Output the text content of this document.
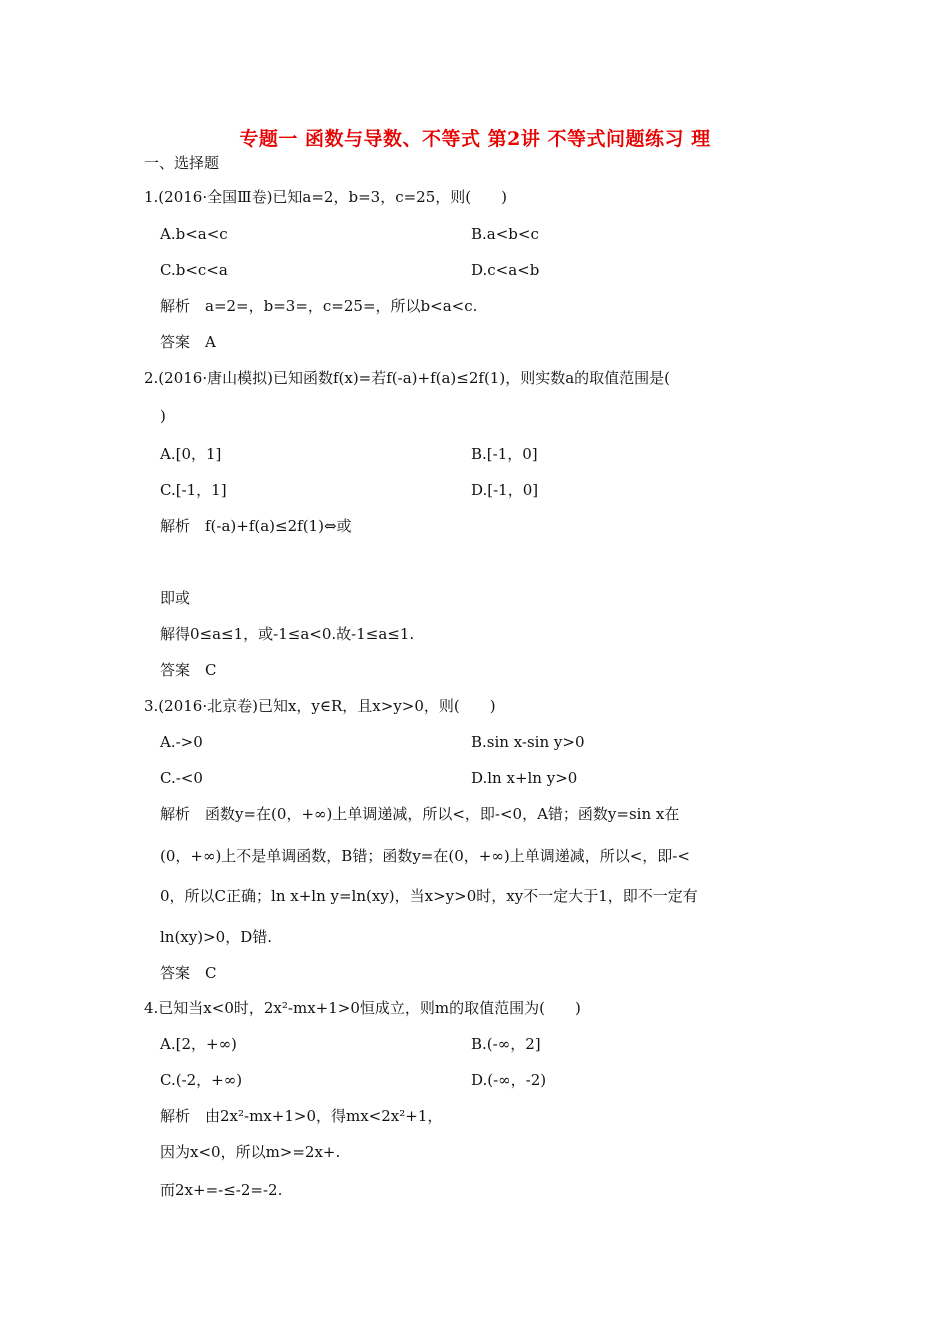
专题一 函数与导数、不等式 第2讲 不等式问题练习 理
一、选择题
1.(2016·全国Ⅲ卷)已知a=2，b=3，c=25，则(　　)
A.b<a<c	B.a<b<c
C.b<c<a	D.c<a<b
解析　a=2=，b=3=，c=25=，所以b<a<c.
答案　A
2.(2016·唐山模拟)已知函数f(x)=若f(-a)+f(a)≤2f(1)，则实数a的取值范围是(
)
A.[0，1]	B.[-1，0]
C.[-1，1]	D.[-1，0]
解析　f(-a)+f(a)≤2f(1)⇔或
即或
解得0≤a≤1，或-1≤a<0.故-1≤a≤1.
答案　C
3.(2016·北京卷)已知x，y∈R，且x>y>0，则(　　)
A.->0	B.sin x-sin y>0
C.-<0	D.ln x+ln y>0
解析　函数y=在(0，+∞)上单调递减，所以<，即-<0，A错；函数y=sin x在
(0，+∞)上不是单调函数，B错；函数y=在(0，+∞)上单调递减，所以<，即-<
0，所以C正确；ln x+ln y=ln(xy)，当x>y>0时，xy不一定大于1，即不一定有
ln(xy)>0，D错.
答案　C
4.已知当x<0时，2x²-mx+1>0恒成立，则m的取值范围为(　　)
A.[2，+∞)	B.(-∞，2]
C.(-2，+∞)	D.(-∞，-2)
解析　由2x²-mx+1>0，得mx<2x²+1，
因为x<0，所以m>=2x+.
而2x+=-≤-2=-2.
